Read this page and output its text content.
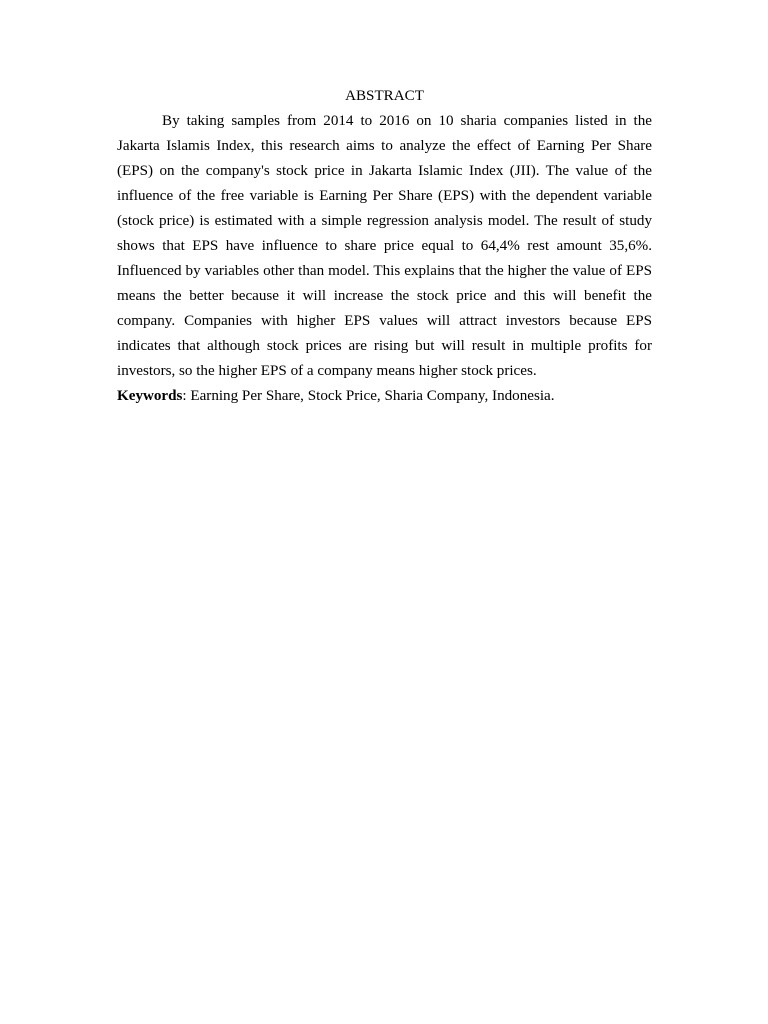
ABSTRACT

By taking samples from 2014 to 2016 on 10 sharia companies listed in the Jakarta Islamis Index, this research aims to analyze the effect of Earning Per Share (EPS) on the company's stock price in Jakarta Islamic Index (JII). The value of the influence of the free variable is Earning Per Share (EPS) with the dependent variable (stock price) is estimated with a simple regression analysis model. The result of study shows that EPS have influence to share price equal to 64,4% rest amount 35,6%. Influenced by variables other than model. This explains that the higher the value of EPS means the better because it will increase the stock price and this will benefit the company. Companies with higher EPS values will attract investors because EPS indicates that although stock prices are rising but will result in multiple profits for investors, so the higher EPS of a company means higher stock prices.

Keywords: Earning Per Share, Stock Price, Sharia Company, Indonesia.
